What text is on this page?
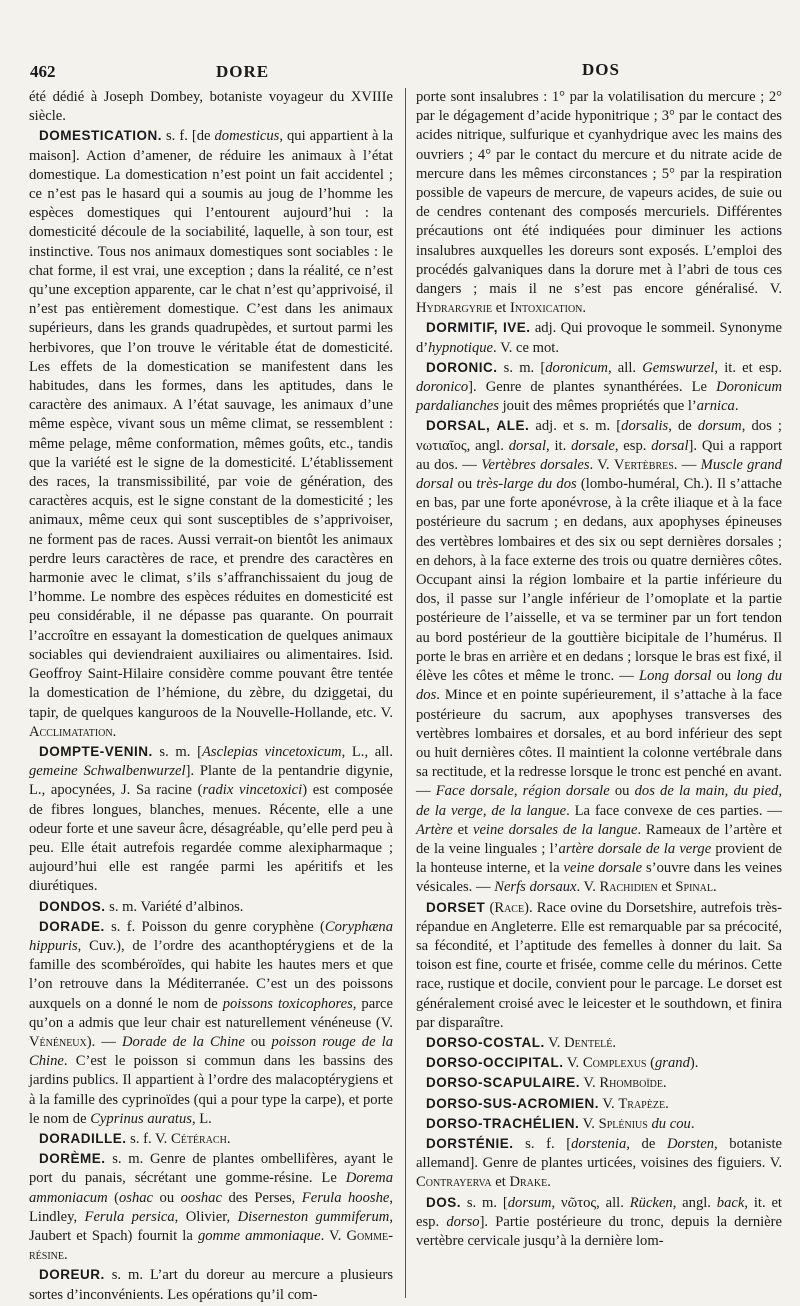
462	DORE	DOS

été dédié à Joseph Dombey, botaniste voyageur du XVIIIe siècle.

DOMESTICATION. s. f. [de domesticus, qui appartient à la maison]. Action d’amener, de réduire les animaux à l’état domestique. La domestication n’est point un fait accidentel ; ce n’est pas le hasard qui a soumis au joug de l’homme les espèces domestiques qui l’entourent aujourd’hui : la domesticité découle de la sociabilité, laquelle, à son tour, est instinctive. Tous nos animaux domestiques sont sociables : le chat forme, il est vrai, une exception ; dans la réalité, ce n’est qu’une exception apparente, car le chat n’est qu’apprivoisé, il n’est pas entièrement domestique. C’est dans les animaux supérieurs, dans les grands quadrupèdes, et surtout parmi les herbivores, que l’on trouve le véritable état de domesticité. Les effets de la domestication se manifestent dans les habitudes, dans les formes, dans les aptitudes, dans le caractère des animaux. A l’état sauvage, les animaux d’une même espèce, vivant sous un même climat, se ressemblent : même pelage, même conformation, mêmes goûts, etc., tandis que la variété est le signe de la domesticité. L’établissement des races, la transmissibilité, par voie de génération, des caractères acquis, est le signe constant de la domesticité ; les animaux, même ceux qui sont susceptibles de s’apprivoiser, ne forment pas de races. Aussi verrait-on bientôt les animaux perdre leurs caractères de race, et prendre des caractères en harmonie avec le climat, s’ils s’affranchissaient du joug de l’homme. Le nombre des espèces réduites en domesticité est peu considérable, il ne dépasse pas quarante. On pourrait l’accroître en essayant la domestication de quelques animaux sociables qui deviendraient auxiliaires ou alimentaires. Isid. Geoffroy Saint-Hilaire considère comme pouvant être tentée la domestication de l’hémione, du zèbre, du dziggetai, du tapir, de quelques kanguroos de la Nouvelle-Hollande, etc. V. Acclimatation.

DOMPTE-VENIN. s. m. [Asclepias vincetoxicum, L., all. gemeine Schwalbenwurzel]. Plante de la pentandrie digynie, L., apocynées, J. Sa racine (radix vincetoxici) est composée de fibres longues, blanches, menues. Récente, elle a une odeur forte et une saveur âcre, désagréable, qu’elle perd peu à peu. Elle était autrefois regardée comme alexipharmaque ; aujourd’hui elle est rangée parmi les apéritifs et les diurétiques.

DONDOS. s. m. Variété d’albinos.

DORADE. s. f. Poisson du genre coryphène (Coryphæna hippuris, Cuv.), de l’ordre des acanthoptérygiens et de la famille des scombéroïdes, qui habite les hautes mers et que l’on retrouve dans la Méditerranée. C’est un des poissons auxquels on a donné le nom de poissons toxicophores, parce qu’on a admis que leur chair est naturellement vénéneuse (V. Vénéneux). — Dorade de la Chine ou poisson rouge de la Chine. C’est le poisson si commun dans les bassins des jardins publics. Il appartient à l’ordre des malacoptérygiens et à la famille des cyprinoïdes (qui a pour type la carpe), et porte le nom de Cyprinus auratus, L.

DORADILLE. s. f. V. Cétérach.

DORÈME. s. m. Genre de plantes ombellifères, ayant le port du panais, sécrétant une gomme-résine. Le Dorema ammoniacum (oshac ou ooshac des Perses, Ferula hooshe, Lindley, Ferula persica, Olivier, Diserneston gummiferum, Jaubert et Spach) fournit la gomme ammoniaque. V. Gomme-résine.

DOREUR. s. m. L’art du doreur au mercure a plusieurs sortes d’inconvénients. Les opérations qu’il com-

porte sont insalubres : 1° par la volatilisation du mercure ; 2° par le dégagement d’acide hyponitrique ; 3° par le contact des acides nitrique, sulfurique et cyanhydrique avec les mains des ouvriers ; 4° par le contact du mercure et du nitrate acide de mercure dans les mêmes circonstances ; 5° par la respiration possible de vapeurs de mercure, de vapeurs acides, de suie ou de cendres contenant des composés mercuriels. Différentes précautions ont été indiquées pour diminuer les actions insalubres auxquelles les doreurs sont exposés. L’emploi des procédés galvaniques dans la dorure met à l’abri de tous ces dangers ; mais il ne s’est pas encore généralisé. V. Hydrargyrie et Intoxication.

DORMITIF, IVE. adj. Qui provoque le sommeil. Synonyme d’hypnotique. V. ce mot.

DORONIC. s. m. [doronicum, all. Gemswurzel, it. et esp. doronico]. Genre de plantes synanthérées. Le Doronicum pardalianches jouit des mêmes propriétés que l’arnica.

DORSAL, ALE. adj. et s. m. [dorsalis, de dorsum, dos ; νωτιαῖος, angl. dorsal, it. dorsale, esp. dorsal]. Qui a rapport au dos. — Vertèbres dorsales. V. Vertèbres. — Muscle grand dorsal ou très-large du dos (lombo-huméral, Ch.). Il s’attache en bas, par une forte aponévrose, à la crête iliaque et à la face postérieure du sacrum ; en dedans, aux apophyses épineuses des vertèbres lombaires et des six ou sept dernières dorsales ; en dehors, à la face externe des trois ou quatre dernières côtes. Occupant ainsi la région lombaire et la partie inférieure du dos, il passe sur l’angle inférieur de l’omoplate et la partie postérieure de l’aisselle, et va se terminer par un fort tendon au bord postérieur de la gouttière bicipitale de l’humérus. Il porte le bras en arrière et en dedans ; lorsque le bras est fixé, il élève les côtes et même le tronc. — Long dorsal ou long du dos. Mince et en pointe supérieurement, il s’attache à la face postérieure du sacrum, aux apophyses transverses des vertèbres lombaires et dorsales, et au bord inférieur des sept ou huit dernières côtes. Il maintient la colonne vertébrale dans sa rectitude, et la redresse lorsque le tronc est penché en avant. — Face dorsale, région dorsale ou dos de la main, du pied, de la verge, de la langue. La face convexe de ces parties. — Artère et veine dorsales de la langue. Rameaux de l’artère et de la veine linguales ; l’artère dorsale de la verge provient de la honteuse interne, et la veine dorsale s’ouvre dans les veines vésicales. — Nerfs dorsaux. V. Rachidien et Spinal.

DORSET (Race). Race ovine du Dorsetshire, autrefois très-répandue en Angleterre. Elle est remarquable par sa précocité, sa fécondité, et l’aptitude des femelles à donner du lait. Sa toison est fine, courte et frisée, comme celle du mérinos. Cette race, rustique et docile, convient pour le parcage. Le dorset est généralement croisé avec le leicester et le southdown, et finira par disparaître.

DORSO-COSTAL. V. Dentelé.

DORSO-OCCIPITAL. V. Complexus (grand).

DORSO-SCAPULAIRE. V. Rhomboïde.

DORSO-SUS-ACROMIEN. V. Trapèze.

DORSO-TRACHÉLIEN. V. Splénius du cou.

DORSTÉNIE. s. f. [dorstenia, de Dorsten, botaniste allemand]. Genre de plantes urticées, voisines des figuiers. V. Contrayerva et Drake.

DOS. s. m. [dorsum, νῶτος, all. Rücken, angl. back, it. et esp. dorso]. Partie postérieure du tronc, depuis la dernière vertèbre cervicale jusqu’à la dernière lom-
